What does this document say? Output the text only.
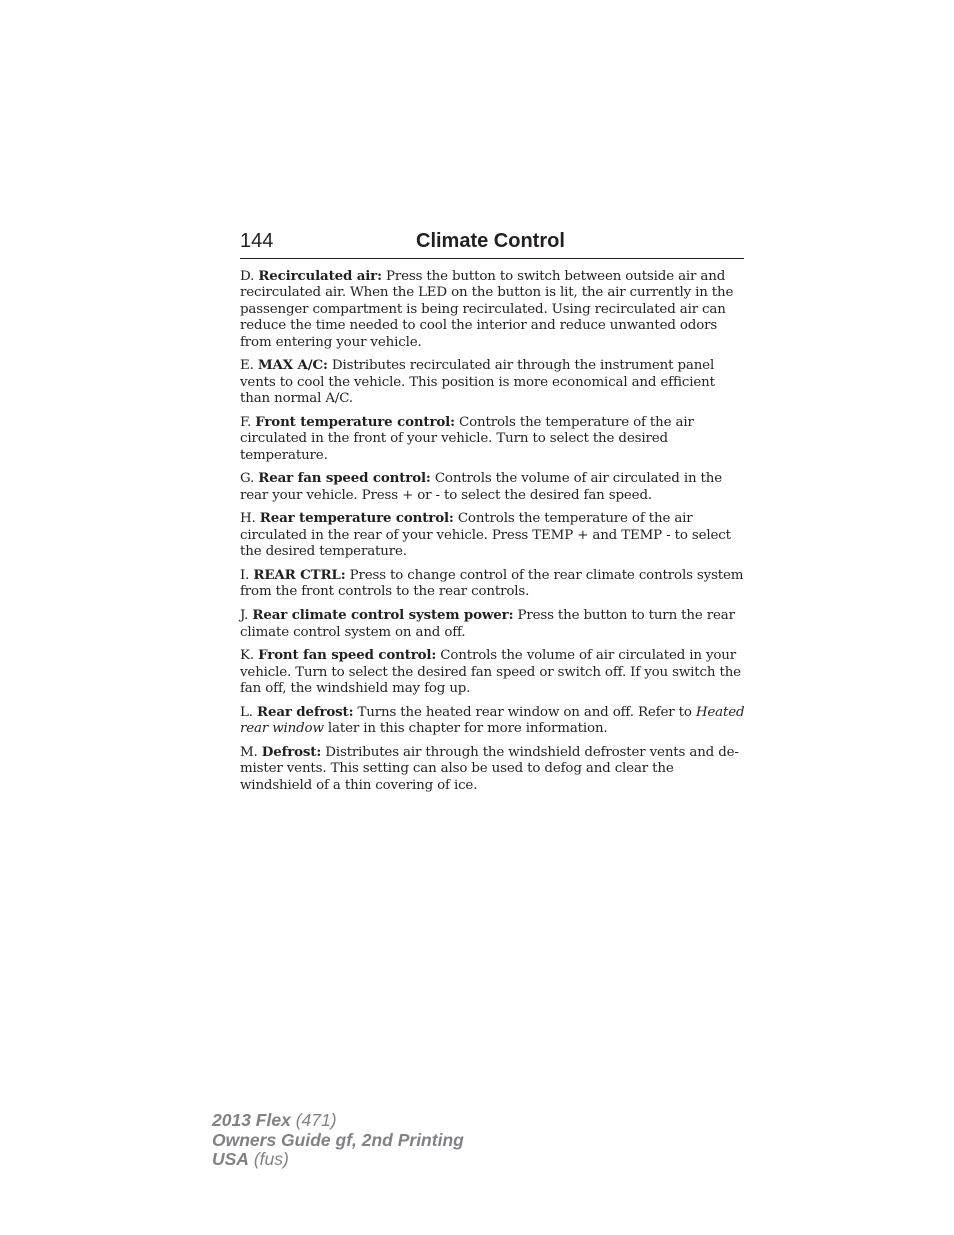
144	Climate Control

D. Recirculated air: Press the button to switch between outside air and recirculated air. When the LED on the button is lit, the air currently in the passenger compartment is being recirculated. Using recirculated air can reduce the time needed to cool the interior and reduce unwanted odors from entering your vehicle.

E. MAX A/C: Distributes recirculated air through the instrument panel vents to cool the vehicle. This position is more economical and efficient than normal A/C.

F. Front temperature control: Controls the temperature of the air circulated in the front of your vehicle. Turn to select the desired temperature.

G. Rear fan speed control: Controls the volume of air circulated in the rear your vehicle. Press + or - to select the desired fan speed.

H. Rear temperature control: Controls the temperature of the air circulated in the rear of your vehicle. Press TEMP + and TEMP - to select the desired temperature.

I. REAR CTRL: Press to change control of the rear climate controls system from the front controls to the rear controls.

J. Rear climate control system power: Press the button to turn the rear climate control system on and off.

K. Front fan speed control: Controls the volume of air circulated in your vehicle. Turn to select the desired fan speed or switch off. If you switch the fan off, the windshield may fog up.

L. Rear defrost: Turns the heated rear window on and off. Refer to Heated rear window later in this chapter for more information.

M. Defrost: Distributes air through the windshield defroster vents and de-mister vents. This setting can also be used to defog and clear the windshield of a thin covering of ice.

2013 Flex (471)
Owners Guide gf, 2nd Printing
USA (fus)
